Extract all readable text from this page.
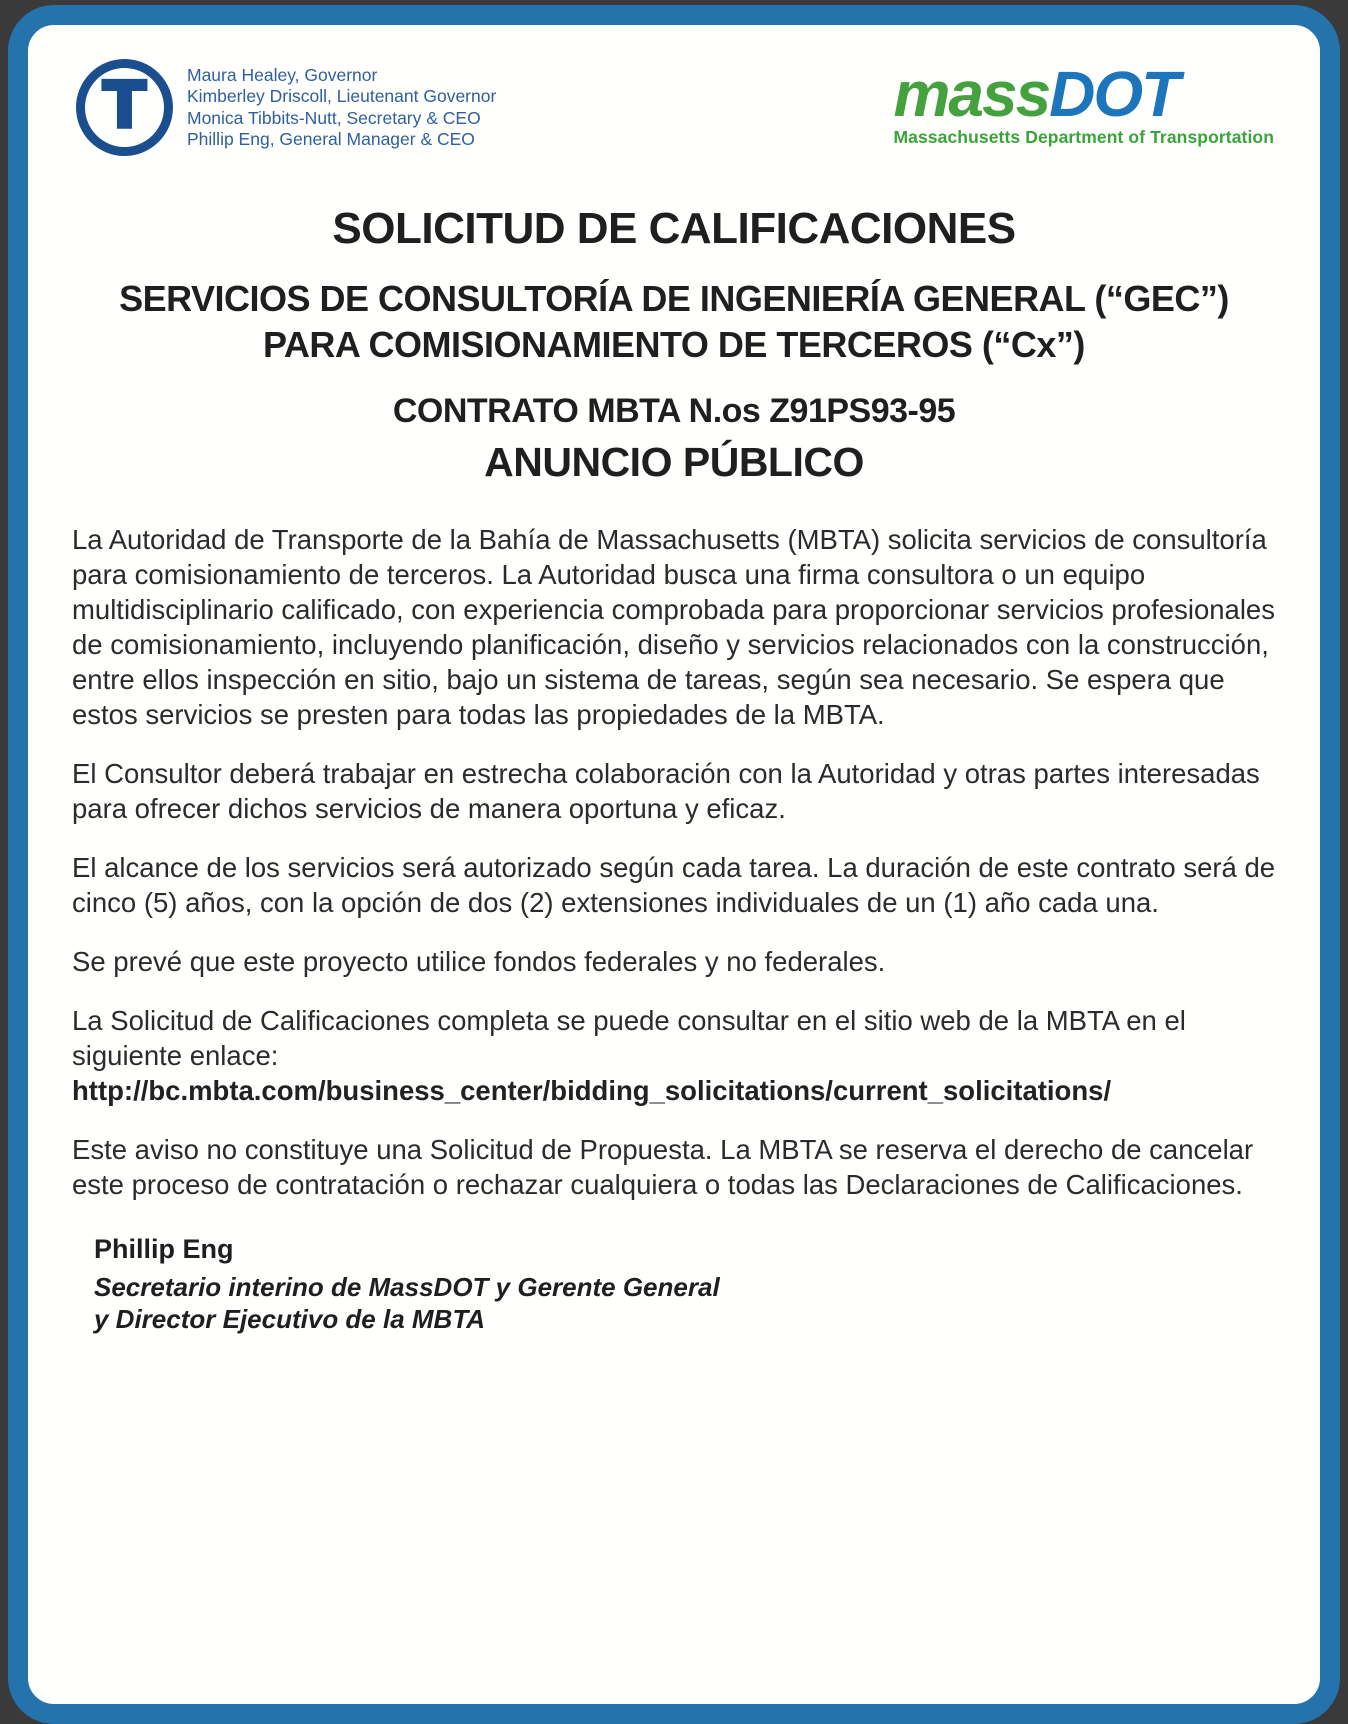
T Maura Healey, Governor
Kimberley Driscoll, Lieutenant Governor
Monica Tibbits-Nutt, Secretary & CEO
Phillip Eng, General Manager & CEO
massDOT
Massachusetts Department of Transportation
SOLICITUD DE CALIFICACIONES
SERVICIOS DE CONSULTORÍA DE INGENIERÍA GENERAL (“GEC”)
PARA COMISIONAMIENTO DE TERCEROS (“Cx”)
CONTRATO MBTA N.os Z91PS93-95
ANUNCIO PÚBLICO

La Autoridad de Transporte de la Bahía de Massachusetts (MBTA) solicita servicios de consultoría para comisionamiento de terceros. La Autoridad busca una firma consultora o un equipo multidisciplinario calificado, con experiencia comprobada para proporcionar servicios profesionales de comisionamiento, incluyendo planificación, diseño y servicios relacionados con la construcción, entre ellos inspección en sitio, bajo un sistema de tareas, según sea necesario. Se espera que estos servicios se presten para todas las propiedades de la MBTA.

El Consultor deberá trabajar en estrecha colaboración con la Autoridad y otras partes interesadas para ofrecer dichos servicios de manera oportuna y eficaz.

El alcance de los servicios será autorizado según cada tarea. La duración de este contrato será de cinco (5) años, con la opción de dos (2) extensiones individuales de un (1) año cada una.

Se prevé que este proyecto utilice fondos federales y no federales.

La Solicitud de Calificaciones completa se puede consultar en el sitio web de la MBTA en el siguiente enlace:

http://bc.mbta.com/business_center/bidding_solicitations/current_solicitations/

Este aviso no constituye una Solicitud de Propuesta. La MBTA se reserva el derecho de cancelar este proceso de contratación o rechazar cualquiera o todas las Declaraciones de Calificaciones.

Phillip Eng
Secretario interino de MassDOT y Gerente General
y Director Ejecutivo de la MBTA
